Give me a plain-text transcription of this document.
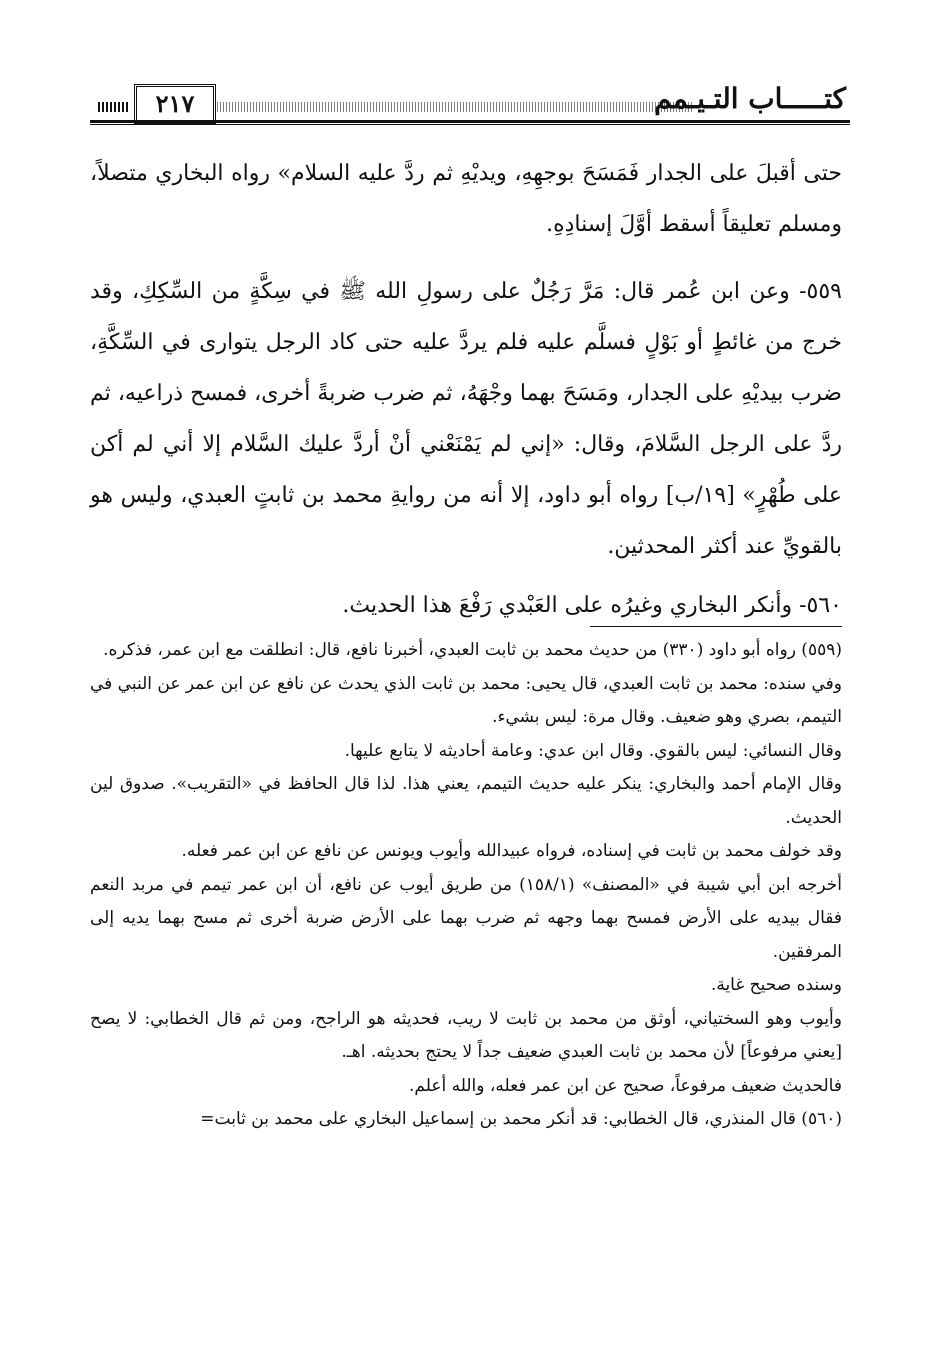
٢١٧	كتـــــاب التـيـمم

حتى أقبلَ على الجدار فَمَسَحَ بوجهِهِ، ويديْهِ ثم ردَّ عليه السلام» رواه البخاري متصلاً، ومسلم تعليقاً أسقط أوَّلَ إسنادِهِ.

٥٥٩- وعن ابن عُمر قال: مَرَّ رَجُلٌ على رسولِ الله ﷺ في سِكَّةٍ من السِّكِكِ، وقد خرج من غائطٍ أو بَوْلٍ فسلَّم عليه فلم يردَّ عليه حتى كاد الرجل يتوارى في السِّكَّةِ، ضرب بيديْهِ على الجدار، ومَسَحَ بهما وجْهَهُ، ثم ضرب ضربةً أخرى، فمسح ذراعيه، ثم ردَّ على الرجل السَّلامَ، وقال: «إني لم يَمْنَعْني أنْ أردَّ عليك السَّلام إلا أني لم أكن على طُهْرٍ» [١٩/ب] رواه أبو داود، إلا أنه من روايةِ محمد بن ثابتٍ العبدي، وليس هو بالقويِّ عند أكثر المحدثين.

٥٦٠- وأنكر البخاري وغيرُه على العَبْدي رَفْعَ هذا الحديث.

(٥٥٩) رواه أبو داود (٣٣٠) من حديث محمد بن ثابت العبدي، أخبرنا نافع، قال: انطلقت مع ابن عمر، فذكره.

وفي سنده: محمد بن ثابت العبدي، قال يحيى: محمد بن ثابت الذي يحدث عن نافع عن ابن عمر عن النبي في التيمم، بصري وهو ضعيف. وقال مرة: ليس بشيء.

وقال النسائي: ليس بالقوي. وقال ابن عدي: وعامة أحاديثه لا يتابع عليها.

وقال الإمام أحمد والبخاري: ينكر عليه حديث التيمم، يعني هذا. لذا قال الحافظ في «التقريب». صدوق لين الحديث.

وقد خولف محمد بن ثابت في إسناده، فرواه عبيدالله وأيوب ويونس عن نافع عن ابن عمر فعله.

أخرجه ابن أبي شيبة في «المصنف» (١٥٨/١) من طريق أيوب عن نافع، أن ابن عمر تيمم في مربد النعم فقال بيديه على الأرض فمسح بهما وجهه ثم ضرب بهما على الأرض ضربة أخرى ثم مسح بهما يديه إلى المرفقين.

وسنده صحيح غاية.

وأيوب وهو السختياني، أوثق من محمد بن ثابت لا ريب، فحديثه هو الراجح، ومن ثم قال الخطابي: لا يصح [يعني مرفوعاً] لأن محمد بن ثابت العبدي ضعيف جداً لا يحتج بحديثه. اهـ.

فالحديث ضعيف مرفوعاً، صحيح عن ابن عمر فعله، والله أعلم.

(٥٦٠) قال المنذري، قال الخطابي: قد أنكر محمد بن إسماعيل البخاري على محمد بن ثابت=
